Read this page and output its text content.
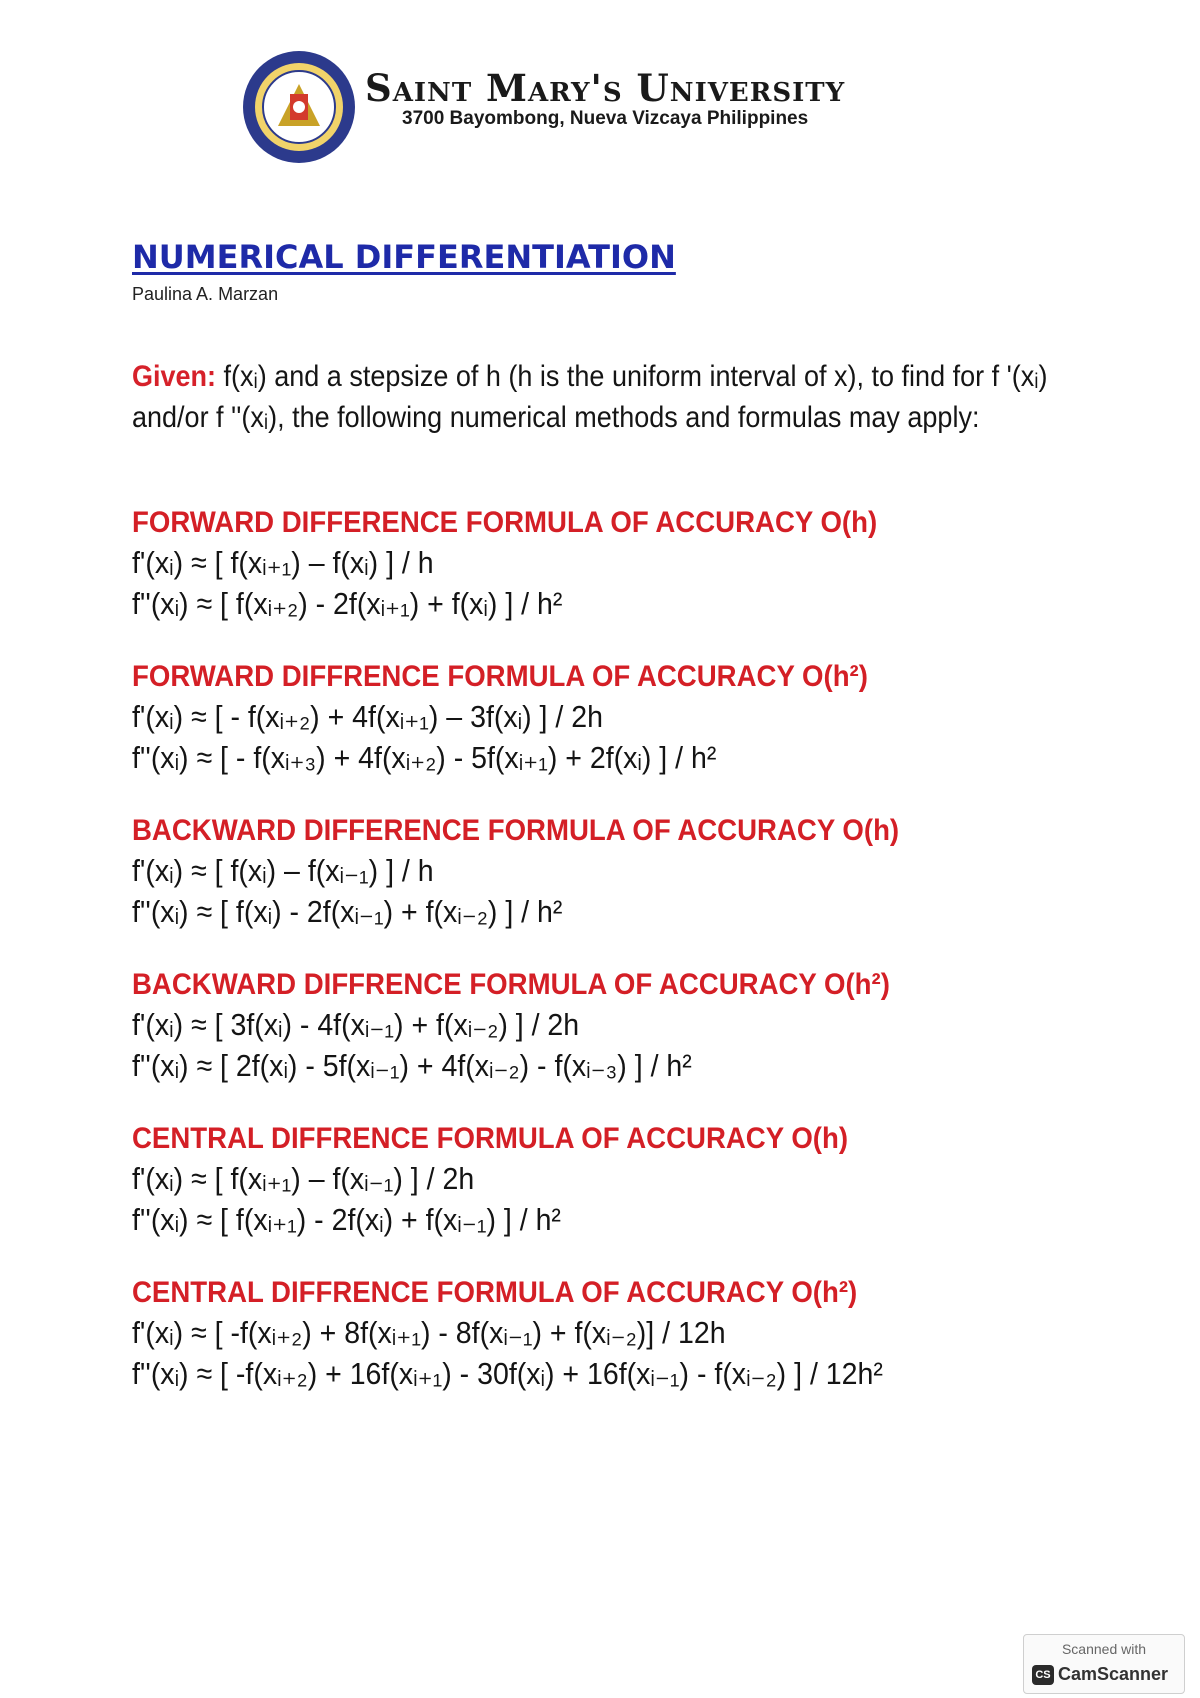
Saint Mary's University
3700 Bayombong, Nueva Vizcaya Philippines
NUMERICAL DIFFERENTIATION
Paulina A. Marzan
Given: f(xᵢ) and a stepsize of h (h is the uniform interval of x), to find for f '(xᵢ) and/or f ''(xᵢ), the following numerical methods and formulas may apply:
FORWARD DIFFERENCE FORMULA OF ACCURACY O(h)
f'(xᵢ) ≈ [ f(xᵢ₊₁) – f(xᵢ) ] / h
f''(xᵢ) ≈ [ f(xᵢ₊₂) - 2f(xᵢ₊₁) + f(xᵢ) ] / h²
FORWARD DIFFRENCE FORMULA OF ACCURACY O(h²)
f'(xᵢ) ≈ [ - f(xᵢ₊₂) + 4f(xᵢ₊₁) – 3f(xᵢ) ] / 2h
f''(xᵢ) ≈ [ - f(xᵢ₊₃) + 4f(xᵢ₊₂) - 5f(xᵢ₊₁) + 2f(xᵢ) ] / h²
BACKWARD DIFFERENCE FORMULA OF ACCURACY O(h)
f'(xᵢ) ≈ [ f(xᵢ) – f(xᵢ₋₁) ] / h
f''(xᵢ) ≈ [ f(xᵢ) - 2f(xᵢ₋₁) + f(xᵢ₋₂) ] / h²
BACKWARD DIFFRENCE FORMULA OF ACCURACY O(h²)
f'(xᵢ) ≈ [ 3f(xᵢ) - 4f(xᵢ₋₁) + f(xᵢ₋₂) ] / 2h
f''(xᵢ) ≈ [ 2f(xᵢ) - 5f(xᵢ₋₁) + 4f(xᵢ₋₂) - f(xᵢ₋₃) ] / h²
CENTRAL DIFFRENCE FORMULA OF ACCURACY O(h)
f'(xᵢ) ≈ [ f(xᵢ₊₁) – f(xᵢ₋₁) ] / 2h
f''(xᵢ) ≈ [ f(xᵢ₊₁) - 2f(xᵢ) + f(xᵢ₋₁) ] / h²
CENTRAL DIFFRENCE FORMULA OF ACCURACY O(h²)
f'(xᵢ) ≈ [ -f(xᵢ₊₂) + 8f(xᵢ₊₁) - 8f(xᵢ₋₁) + f(xᵢ₋₂)] / 12h
f''(xᵢ) ≈ [ -f(xᵢ₊₂) + 16f(xᵢ₊₁) - 30f(xᵢ) + 16f(xᵢ₋₁) - f(xᵢ₋₂) ] / 12h²
Scanned with
CS CamScanner
